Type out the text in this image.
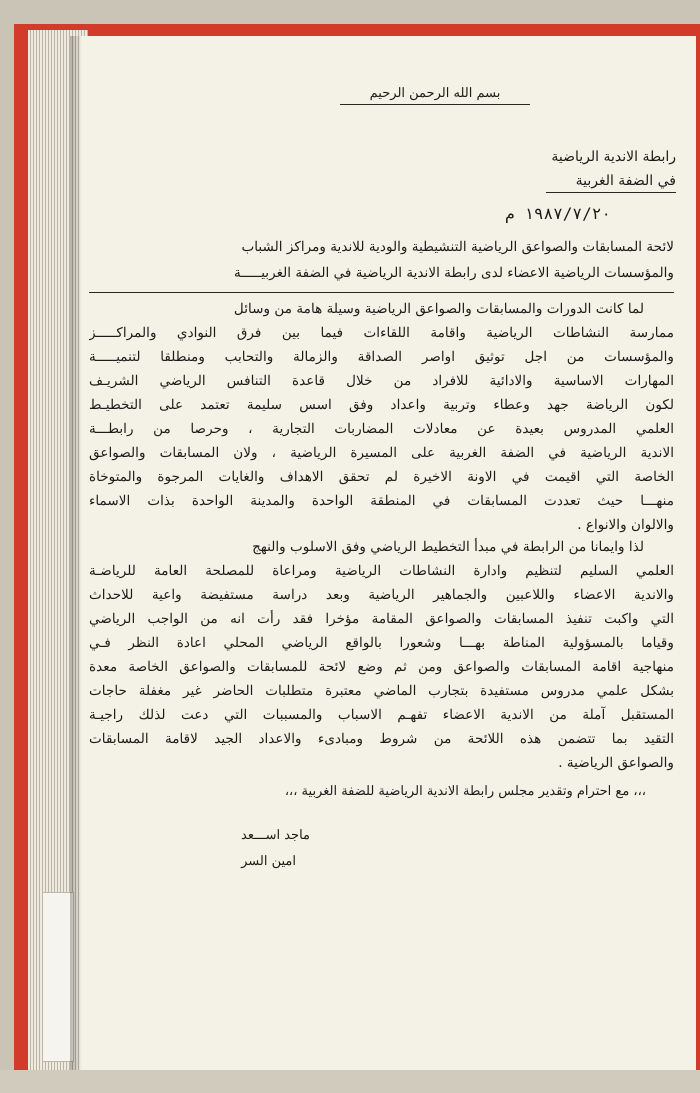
بسم الله الرحمن الرحيم
رابطة الاندية الرياضية
في الضفة الغربية
١٩٨٧/٧/٢٠ م
لائحة المسابقات والصواعق الرياضية التنشيطية والودية للاندية ومراكز الشباب
والمؤسسات الرياضية الاعضاء لدى رابطة الاندية الرياضية في الضفة الغربيـــــة
لما كانت الدورات والمسابقات والصواعق الرياضية وسيلة هامة من وسائل
ممارسة النشاطات الرياضية واقامة اللقاءات فيما بين فرق النوادي والمراكـــــز
والمؤسسات من اجل توثيق اواصر الصداقة والزمالة والتحابب ومنطلقا لتنميـــــة
المهارات الاساسية والادائية للافراد من خلال قاعدة التنافس الرياضي الشريـف
لكون الرياضة جهد وعطاء وتربية واعداد وفق اسس سليمة تعتمد على التخطيـط
العلمي المدروس بعيدة عن معادلات المضاربات التجارية ، وحرصا من رابطـــة
الاندية الرياضية في الضفة الغربية على المسيرة الرياضية ، ولان المسابقات والصواعق
الخاصة التي اقيمت في الاونة الاخيرة لم تحقق الاهداف والغايات المرجوة والمتوخاة
منهـــا حيث تعددت المسابقات في المنطقة الواحدة والمدينة الواحدة بذات الاسماء
والالوان والانواع .
لذا وايمانا من الرابطة في مبدأ التخطيط الرياضي وفق الاسلوب والنهج
العلمي السليم لتنظيم وادارة النشاطات الرياضية ومراعاة للمصلحة العامة للرياضـة
والاندية الاعضاء واللاعبين والجماهير الرياضية وبعد دراسة مستفيضة واعية للاحداث
التي واكبت تنفيذ المسابقات والصواعق المقامة مؤخرا فقد رأت انه من الواجب الرياضي
وقياما بالمسؤولية المناطة بهـــا وشعورا بالواقع الرياضي المحلي اعادة النظر فـي
منهاجية اقامة المسابقات والصواعق ومن ثم وضع لائحة للمسابقات والصواعق الخاصة معدة
بشكل علمي مدروس مستفيدة بتجارب الماضي معتبرة متطلبات الحاضر غير مغفلة حاجات
المستقبل آملة من الاندية الاعضاء تفهـم الاسباب والمسببات التي دعت لذلك راجيـة
التقيد بما تتضمن هذه اللائحة من شروط ومبادىء والاعداد الجيد لاقامة المسابقات
والصواعق الرياضية .
،،، مع احترام وتقدير مجلس رابطة الاندية الرياضية للضفة الغربية ،،،
ماجد اســـعد
امين السر
